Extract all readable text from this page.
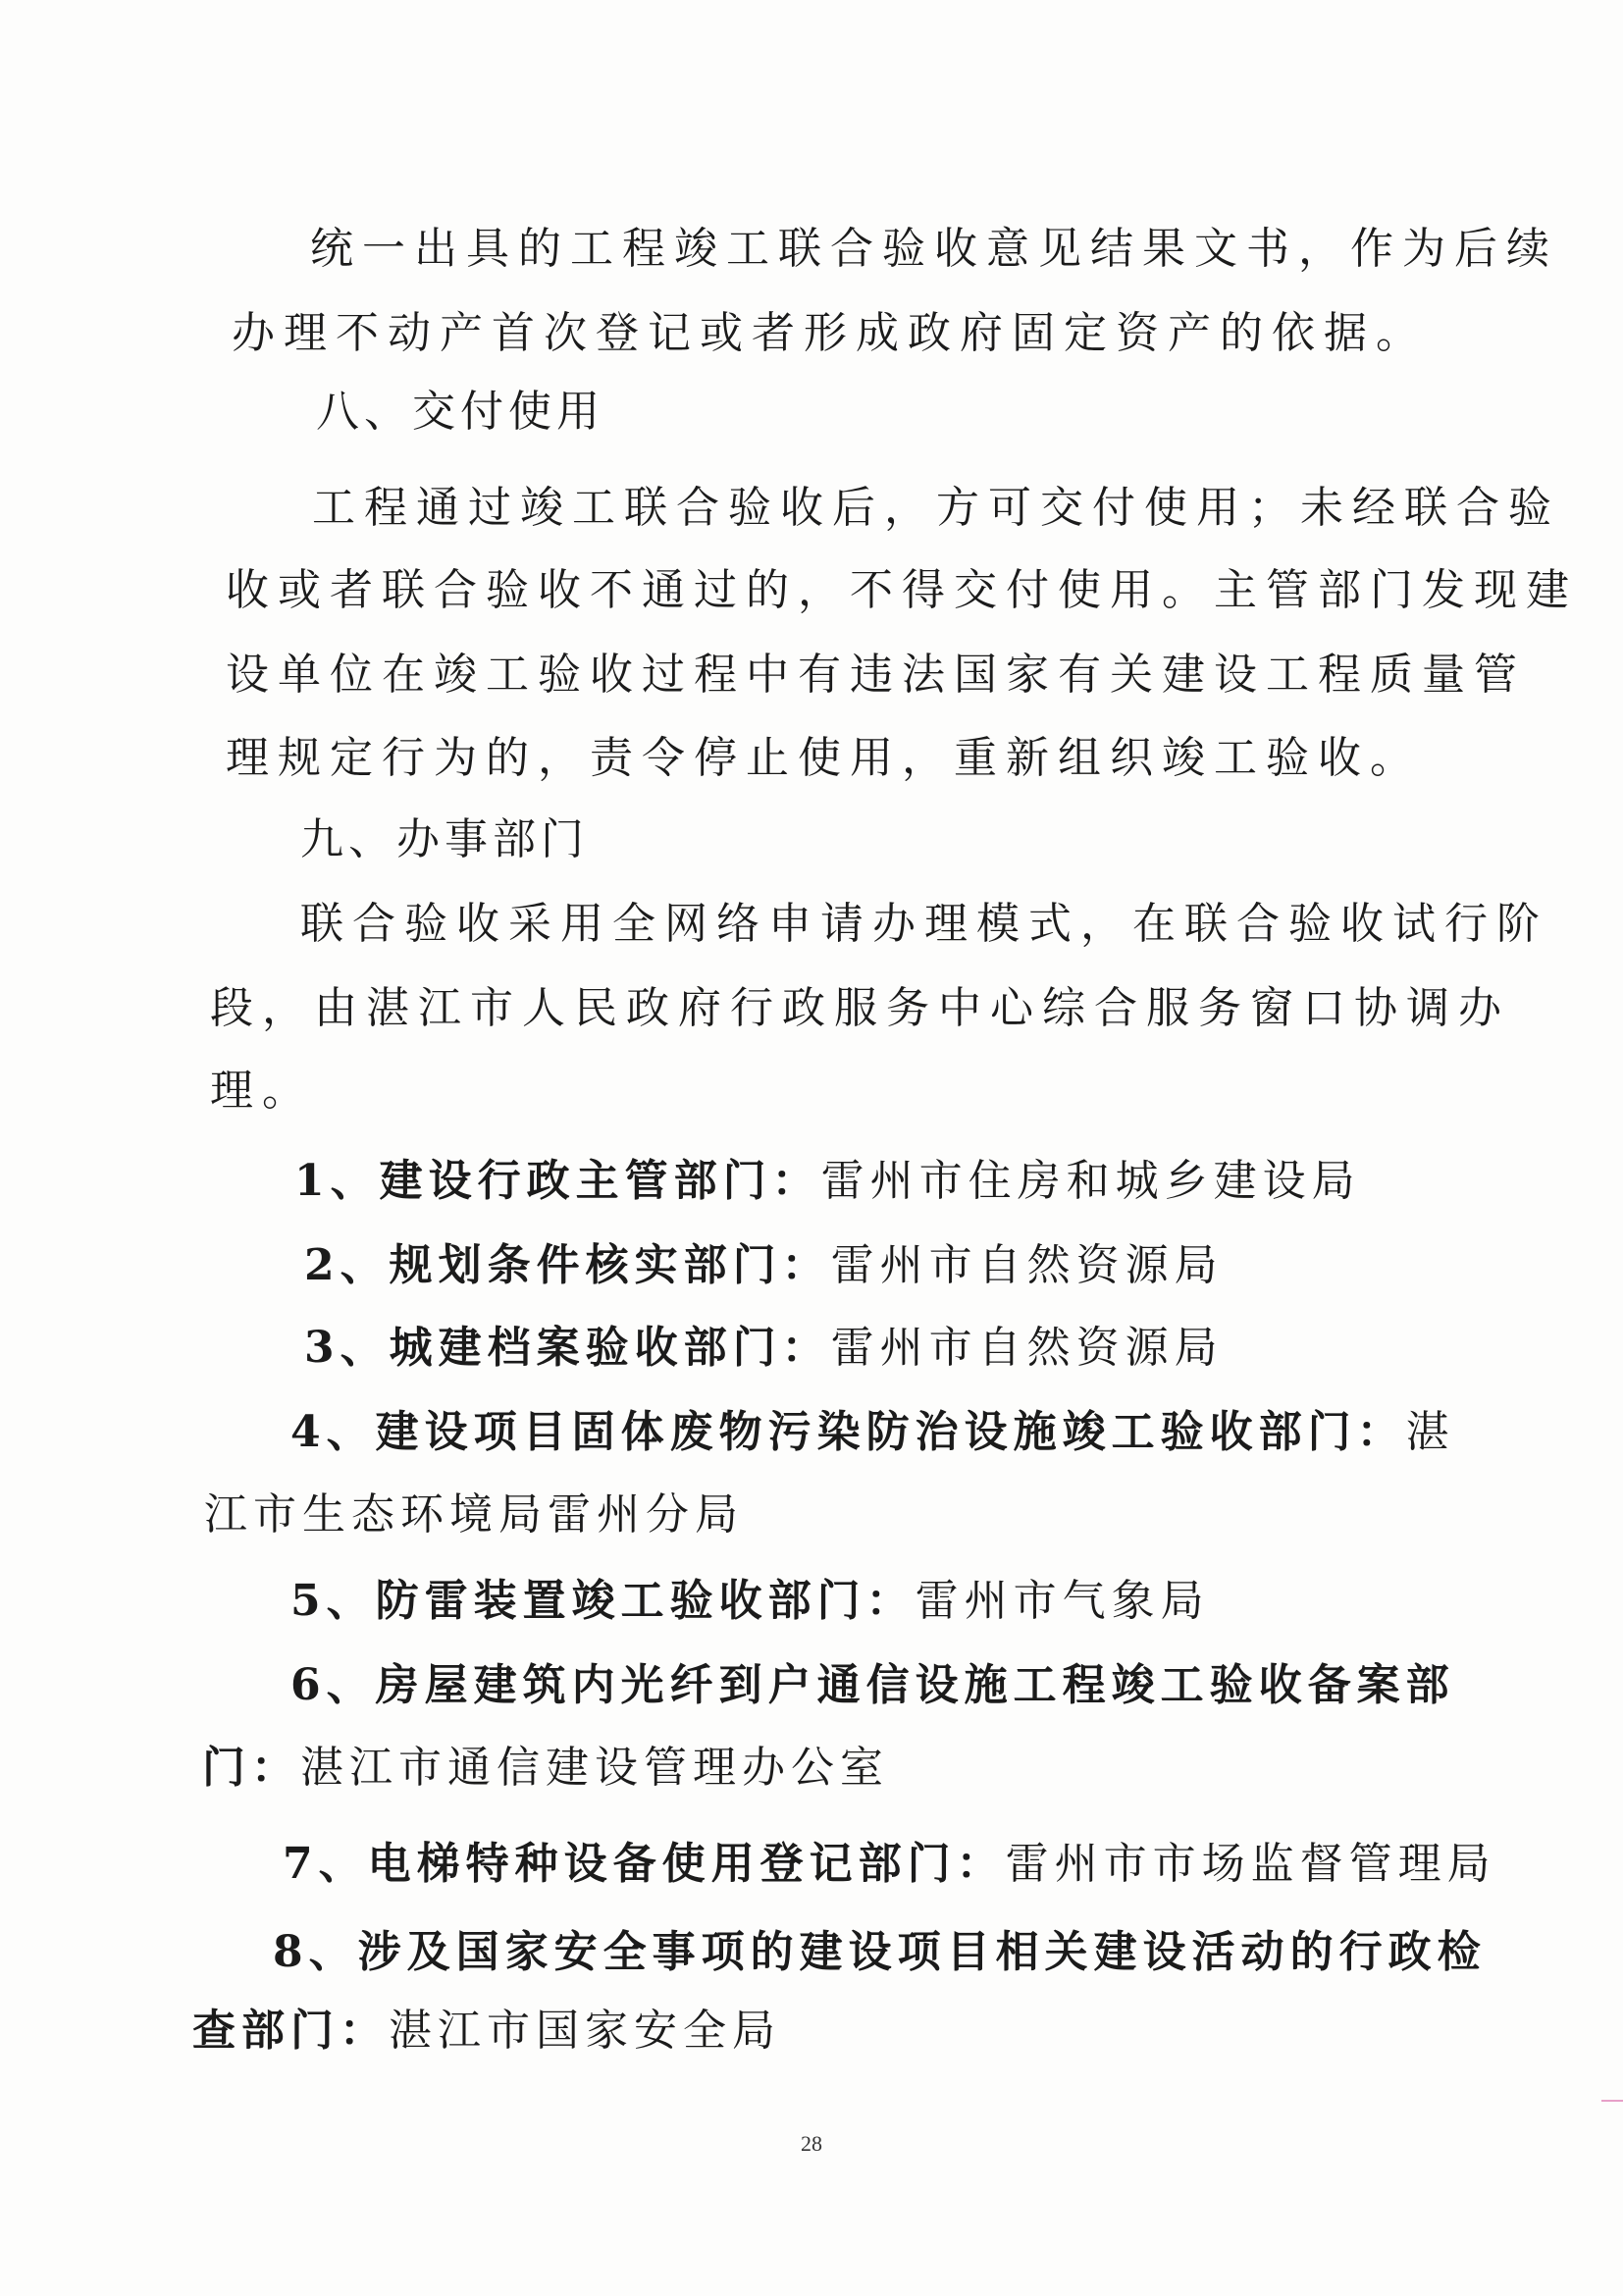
统一出具的工程竣工联合验收意见结果文书，作为后续
办理不动产首次登记或者形成政府固定资产的依据。
八、交付使用
工程通过竣工联合验收后，方可交付使用；未经联合验
收或者联合验收不通过的，不得交付使用。主管部门发现建
设单位在竣工验收过程中有违法国家有关建设工程质量管
理规定行为的，责令停止使用，重新组织竣工验收。
九、办事部门
联合验收采用全网络申请办理模式，在联合验收试行阶
段，由湛江市人民政府行政服务中心综合服务窗口协调办
理。
1、建设行政主管部门：雷州市住房和城乡建设局
2、规划条件核实部门：雷州市自然资源局
3、城建档案验收部门：雷州市自然资源局
4、建设项目固体废物污染防治设施竣工验收部门：湛
江市生态环境局雷州分局
5、防雷装置竣工验收部门：雷州市气象局
6、房屋建筑内光纤到户通信设施工程竣工验收备案部
门：湛江市通信建设管理办公室
7、电梯特种设备使用登记部门：雷州市市场监督管理局
8、涉及国家安全事项的建设项目相关建设活动的行政检
查部门：湛江市国家安全局
28
